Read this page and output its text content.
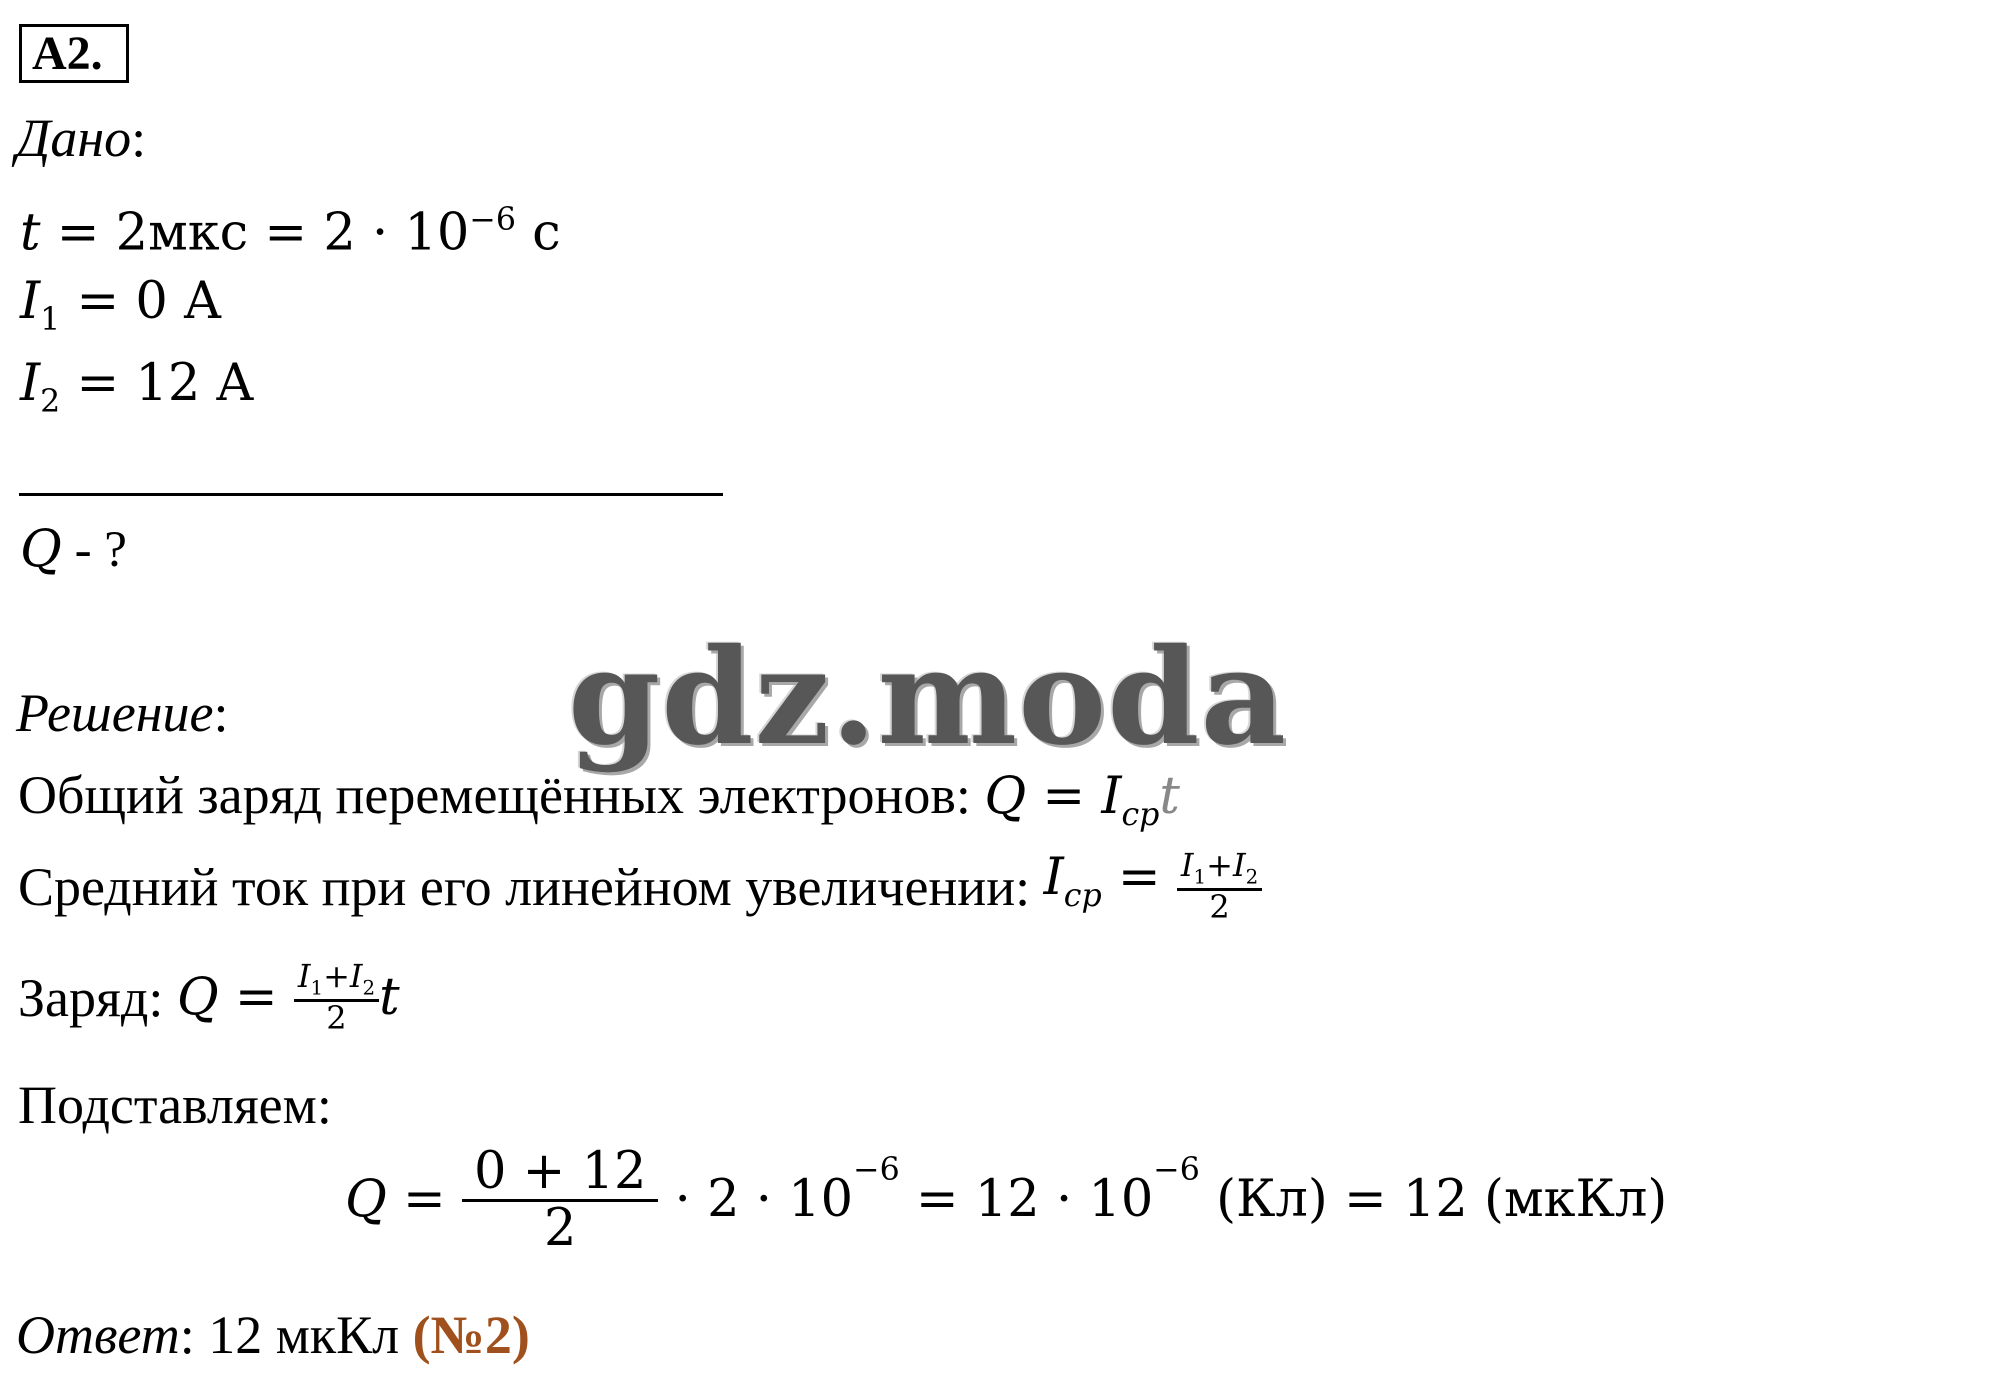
A2.
Дано:
$t = 2мкс = 2 \cdot 10^{-6}$ с
$I_1 = 0$ A
$I_2 = 12$ A
Q - ?
gdz.moda
Решение:
Общий заряд перемещённых электронов: $Q = I_{ср}t$
Средний ток при его линейном увеличении: $I_{ср} = \frac{I_1+I_2}{2}$
Заряд: $Q = \frac{I_1+I_2}{2}$ t
Подставляем:
$Q = \frac{0 + 12}{2} \cdot 2 \cdot 10^{-6} = 12 \cdot 10^{-6}$ (Кл) = 12 (мкКл)
Ответ: 12 мкКл (№2)
